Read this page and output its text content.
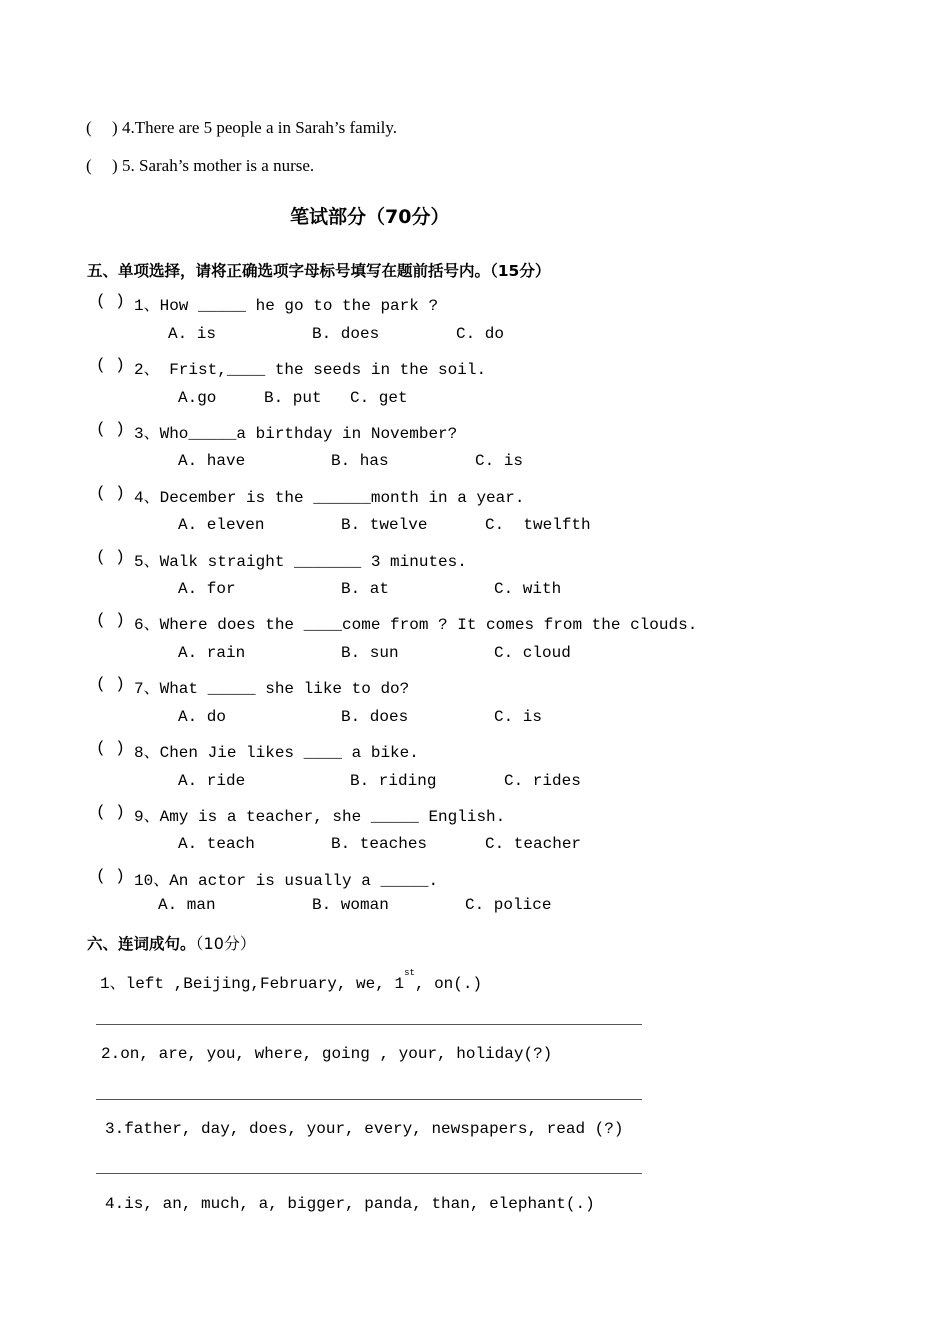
( ) 4.There are 5 people a in Sarah’s family.
( ) 5. Sarah’s mother is a nurse.
笔试部分（70分）
五、单项选择，请将正确选项字母标号填写在题前括号内。（15分）
( ) 1、How _____ he go to the park ?
A. is	B. does	C. do
( ) 2、 Frist,____ the seeds in the soil.
A.go	B. put C. get
( ) 3、Who_____a birthday in November?
A. have	B. has	C. is
( ) 4、December is the ______month in a year.
A. eleven	B. twelve	C.  twelfth
( ) 5、Walk straight _______ 3 minutes.
A. for	B. at	C. with
( ) 6、Where does the ____come from ? It comes from the clouds.
A. rain	B. sun	C. cloud
( ) 7、What _____ she like to do?
A. do	B. does	C. is
( ) 8、Chen Jie likes ____ a bike.
A. ride	B. riding	C. rides
( ) 9、Amy is a teacher, she _____ English.
A. teach	B. teaches	C. teacher
( ) 10、An actor is usually a _____.
A. man	B. woman	C. police
六、连词成句。（10分）
1、left ,Beijing,February, we, 1st, on(.)
2.on, are, you, where, going , your, holiday(?)
3.father, day, does, your, every, newspapers, read (?)
4.is, an, much, a, bigger, panda, than, elephant(.)
